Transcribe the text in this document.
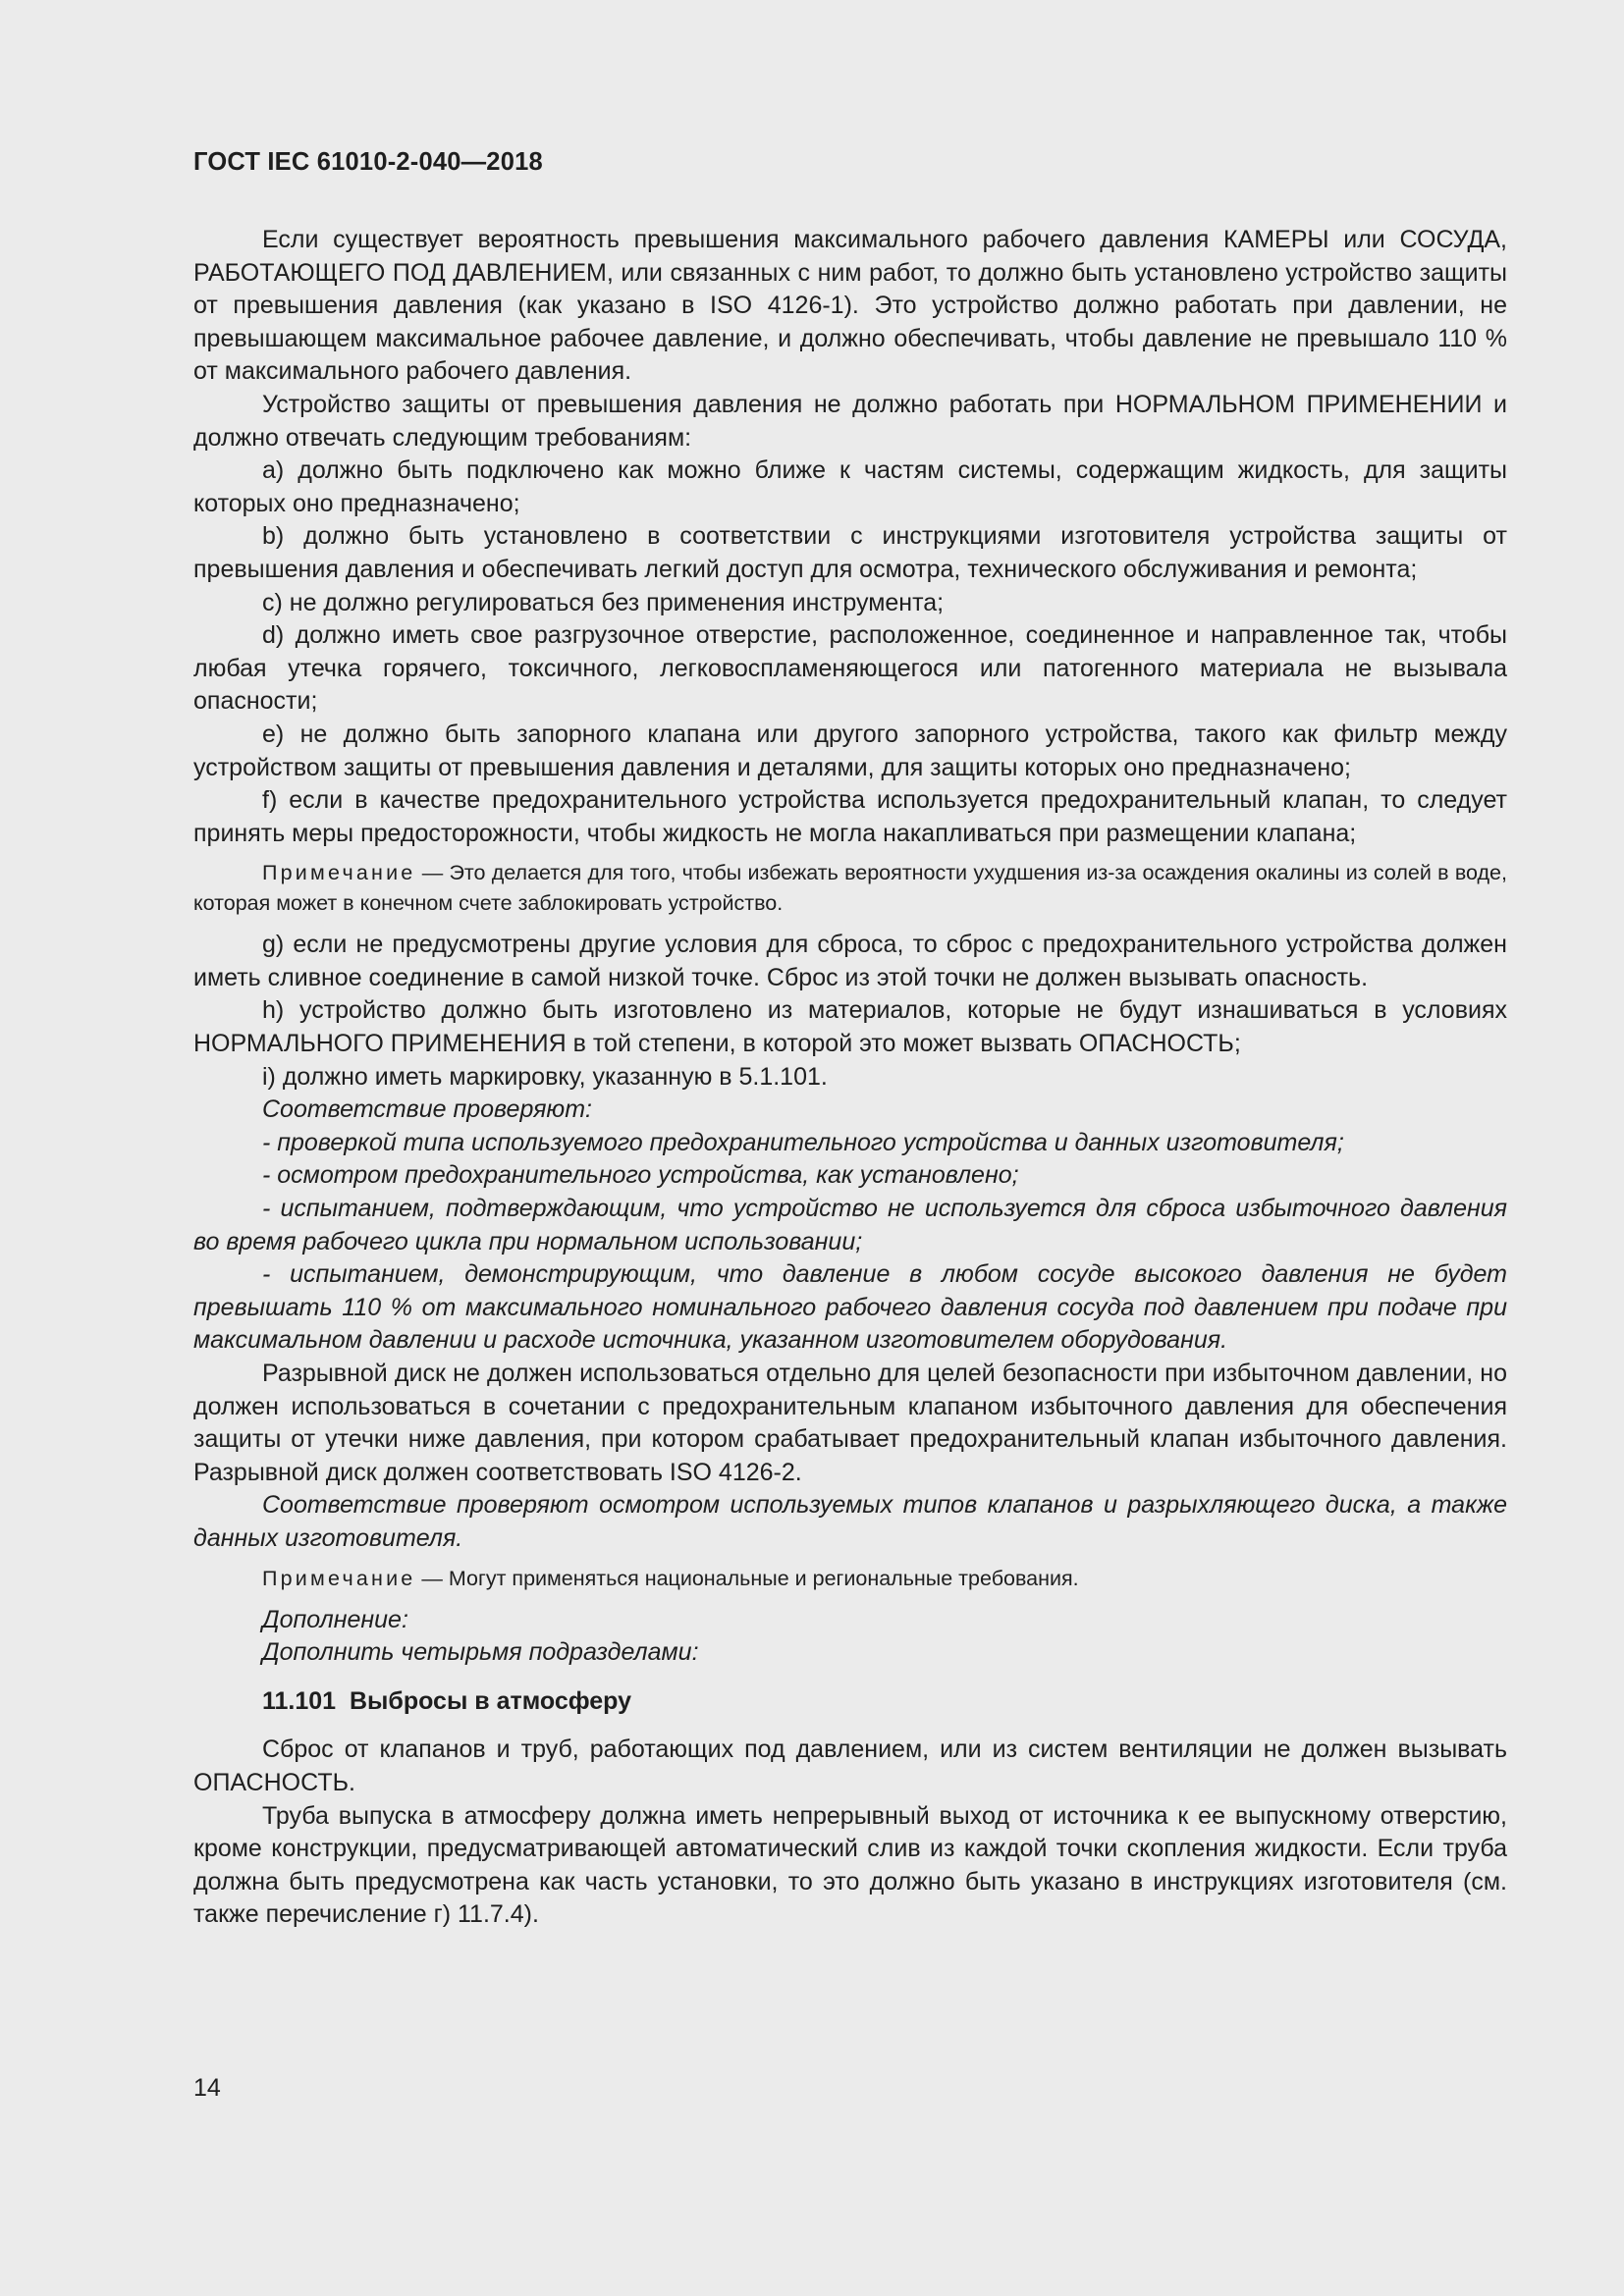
ГОСТ IEC 61010-2-040—2018

Если существует вероятность превышения максимального рабочего давления КАМЕРЫ или СОСУДА, РАБОТАЮЩЕГО ПОД ДАВЛЕНИЕМ, или связанных с ним работ, то должно быть установлено устройство защиты от превышения давления (как указано в ISO 4126-1). Это устройство должно работать при давлении, не превышающем максимальное рабочее давление, и должно обеспечивать, чтобы давление не превышало 110 % от максимального рабочего давления.

Устройство защиты от превышения давления не должно работать при НОРМАЛЬНОМ ПРИМЕНЕНИИ и должно отвечать следующим требованиям:

а) должно быть подключено как можно ближе к частям системы, содержащим жидкость, для защиты которых оно предназначено;

b) должно быть установлено в соответствии с инструкциями изготовителя устройства защиты от превышения давления и обеспечивать легкий доступ для осмотра, технического обслуживания и ремонта;

c) не должно регулироваться без применения инструмента;

d) должно иметь свое разгрузочное отверстие, расположенное, соединенное и направленное так, чтобы любая утечка горячего, токсичного, легковоспламеняющегося или патогенного материала не вызывала опасности;

e) не должно быть запорного клапана или другого запорного устройства, такого как фильтр между устройством защиты от превышения давления и деталями, для защиты которых оно предназначено;

f) если в качестве предохранительного устройства используется предохранительный клапан, то следует принять меры предосторожности, чтобы жидкость не могла накапливаться при размещении клапана;

Примечание — Это делается для того, чтобы избежать вероятности ухудшения из-за осаждения окалины из солей в воде, которая может в конечном счете заблокировать устройство.

g) если не предусмотрены другие условия для сброса, то сброс с предохранительного устройства должен иметь сливное соединение в самой низкой точке. Сброс из этой точки не должен вызывать опасность.

h) устройство должно быть изготовлено из материалов, которые не будут изнашиваться в условиях НОРМАЛЬНОГО ПРИМЕНЕНИЯ в той степени, в которой это может вызвать ОПАСНОСТЬ;

i) должно иметь маркировку, указанную в 5.1.101.

Соответствие проверяют:

- проверкой типа используемого предохранительного устройства и данных изготовителя;

- осмотром предохранительного устройства, как установлено;

- испытанием, подтверждающим, что устройство не используется для сброса избыточного давления во время рабочего цикла при нормальном использовании;

- испытанием, демонстрирующим, что давление в любом сосуде высокого давления не будет превышать 110 % от максимального номинального рабочего давления сосуда под давлением при подаче при максимальном давлении и расходе источника, указанном изготовителем оборудования.

Разрывной диск не должен использоваться отдельно для целей безопасности при избыточном давлении, но должен использоваться в сочетании с предохранительным клапаном избыточного давления для обеспечения защиты от утечки ниже давления, при котором срабатывает предохранительный клапан избыточного давления. Разрывной диск должен соответствовать ISO 4126-2.

Соответствие проверяют осмотром используемых типов клапанов и разрыхляющего диска, а также данных изготовителя.

Примечание — Могут применяться национальные и региональные требования.

Дополнение:

Дополнить четырьмя подразделами:

11.101 Выбросы в атмосферу

Сброс от клапанов и труб, работающих под давлением, или из систем вентиляции не должен вызывать ОПАСНОСТЬ.

Труба выпуска в атмосферу должна иметь непрерывный выход от источника к ее выпускному отверстию, кроме конструкции, предусматривающей автоматический слив из каждой точки скопления жидкости. Если труба должна быть предусмотрена как часть установки, то это должно быть указано в инструкциях изготовителя (см. также перечисление г) 11.7.4).

14
